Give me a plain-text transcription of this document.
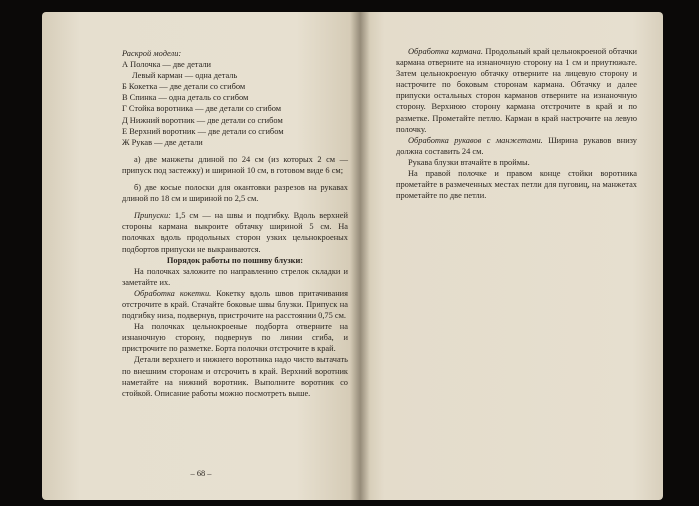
Раскрой модели:

А Полочка — две детали

Левый карман — одна деталь

Б Кокетка — две детали со сгибом

В Спинка — одна деталь со сгибом

Г Стойка воротника — две детали со сгибом

Д Нижний воротник — две детали со сгибом

Е Верхний воротник — две детали со сгибом

Ж Рукав — две детали

а) две манжеты длиной по 24 см (из которых 2 см — припуск под застежку) и шириной 10 см, в готовом виде 6 см;

б) две косые полоски для окантовки разрезов на рукавах длиной по 18 см и шириной по 2,5 см.

Припуски: 1,5 см — на швы и подгибку. Вдоль верхней стороны кармана выкроите обтачку шириной 5 см. На полочках вдоль продольных сторон узких цельнокроеных подбортов припуски не выкраиваются.

Порядок работы по пошиву блузки:

На полочках заложите по направлению стрелок складки и заметайте их.

Обработка кокетки. Кокетку вдоль швов притачивания отстрочите в край. Стачайте боковые швы блузки. Припуск на подгибку низа, подвернув, пристрочите на расстоянии 0,75 см.

На полочках цельнокроеные подборта отверните на изнаночную сторону, подвернув по линии сгиба, и пристрочите по разметке. Борта полочки отстрочите в край.

Детали верхнего и нижнего воротника надо чисто вытачать по внешним сторонам и отсрочить в край. Верхний воротник наметайте на нижний воротник. Выполните воротник со стойкой. Описание работы можно посмотреть выше.

– 68 –

Обработка кармана. Продольный край цельнокроеной обтачки кармана отверните на изнаночную сторону на 1 см и приутюжьте. Затем цельнокроеную обтачку отверните на лицевую сторону и настрочите по боковым сторонам кармана. Обтачку и далее припуски остальных сторон карманов отверните на изнаночную сторону. Верхнюю сторону кармана отстрочите в край и по разметке. Прометайте петлю. Карман в край настрочите на левую полочку.

Обработка рукавов с манжетами. Ширина рукавов внизу должна составить 24 см.

Рукава блузки втачайте в проймы.

На правой полочке и правом конце стойки воротника прометайте в размеченных местах петли для пуговиц, на манжетах прометайте по две петли.
